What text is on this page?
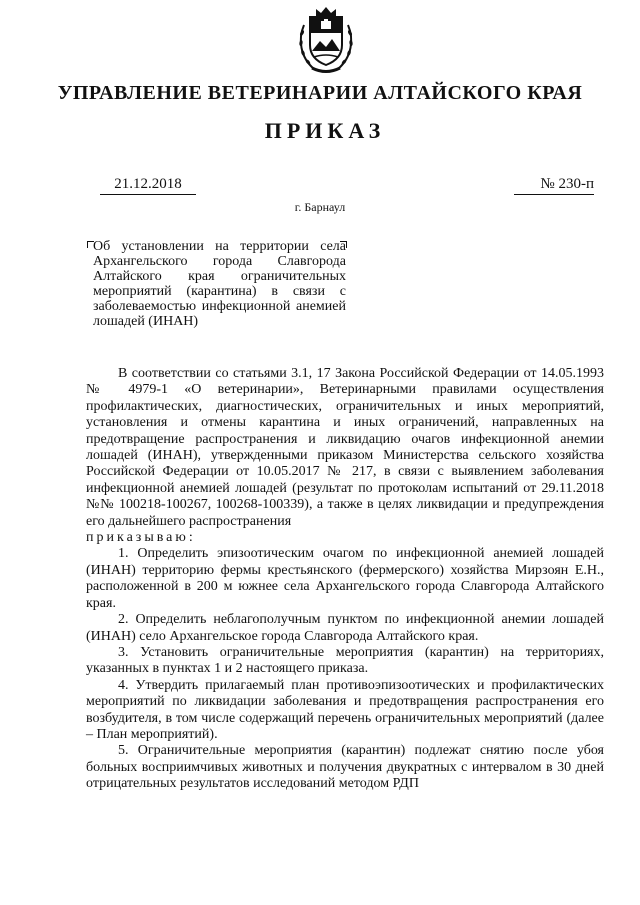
УПРАВЛЕНИЕ ВЕТЕРИНАРИИ АЛТАЙСКОГО КРАЯ
ПРИКАЗ
21.12.2018	№ 230-п
г. Барнаул
Об установлении на территории села Архангельского города Славгорода Алтайского края ограничительных мероприятий (карантина) в связи с заболеваемостью инфекционной анемией лошадей (ИНАН)

В соответствии со статьями 3.1, 17 Закона Российской Федерации от 14.05.1993 № 4979-1 «О ветеринарии», Ветеринарными правилами осуществления профилактических, диагностических, ограничительных и иных мероприятий, установления и отмены карантина и иных ограничений, направленных на предотвращение распространения и ликвидацию очагов инфекционной анемии лошадей (ИНАН), утвержденными приказом Министерства сельского хозяйства Российской Федерации от 10.05.2017 № 217, в связи с выявлением заболевания инфекционной анемией лошадей (результат по протоколам испытаний от 29.11.2018 №№ 100218-100267, 100268-100339), а также в целях ликвидации и предупреждения его дальнейшего распространения

приказываю:

1. Определить эпизоотическим очагом по инфекционной анемией лошадей (ИНАН) территорию фермы крестьянского (фермерского) хозяйства Мирзоян Е.Н., расположенной в 200 м южнее села Архангельского города Славгорода Алтайского края.

2. Определить неблагополучным пунктом по инфекционной анемии лошадей (ИНАН) село Архангельское города Славгорода Алтайского края.

3. Установить ограничительные мероприятия (карантин) на территориях, указанных в пунктах 1 и 2 настоящего приказа.

4. Утвердить прилагаемый план противоэпизоотических и профилактических мероприятий по ликвидации заболевания и предотвращения распространения его возбудителя, в том числе содержащий перечень ограничительных мероприятий (далее – План мероприятий).

5. Ограничительные мероприятия (карантин) подлежат снятию после убоя больных восприимчивых животных и получения двукратных с интервалом в 30 дней отрицательных результатов исследований методом РДП
